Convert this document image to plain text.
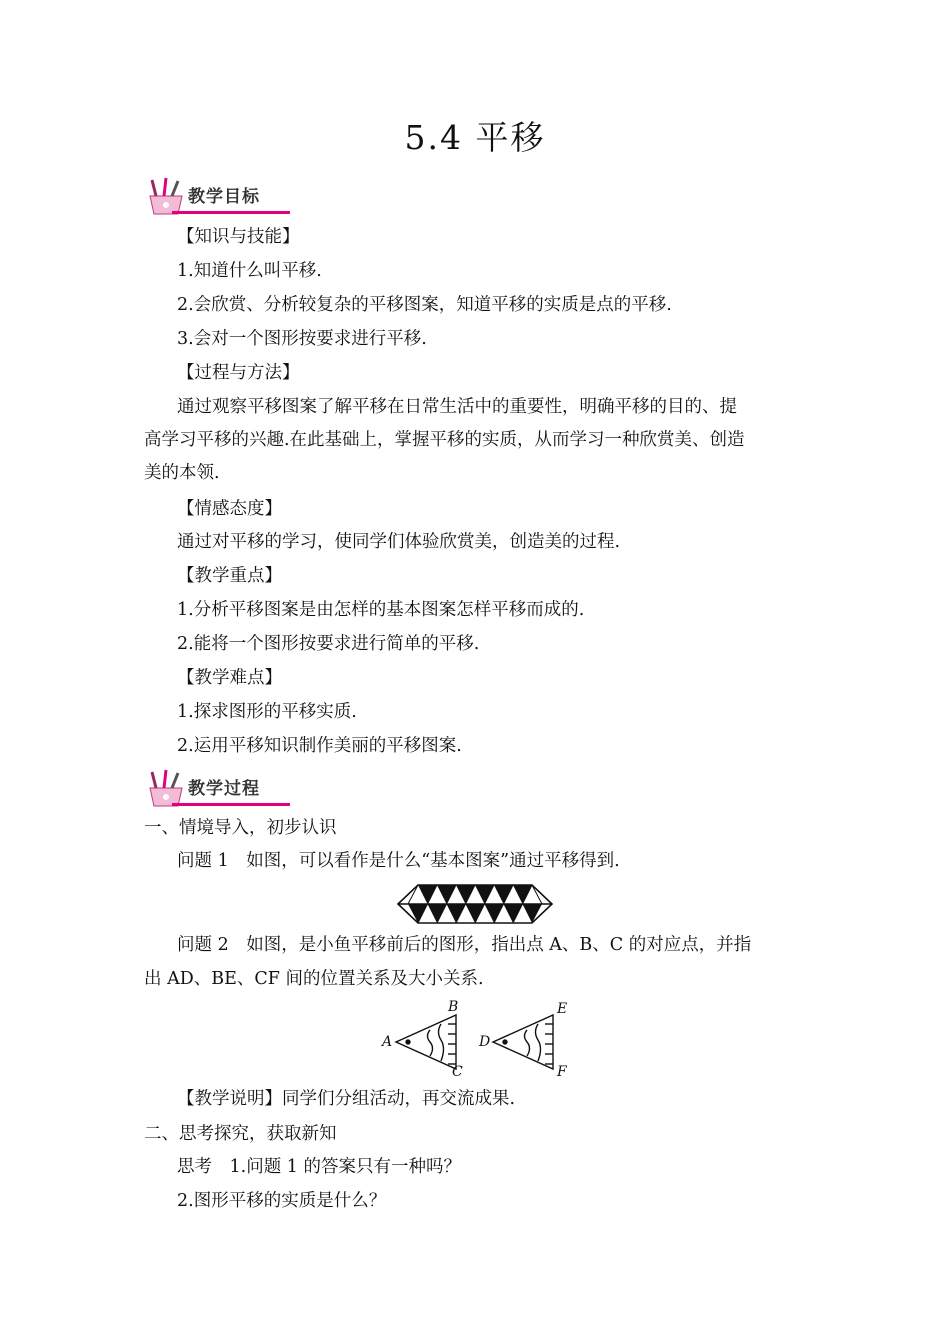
5.4 平移
教学目标
【知识与技能】
1.知道什么叫平移.
2.会欣赏、分析较复杂的平移图案，知道平移的实质是点的平移.
3.会对一个图形按要求进行平移.
【过程与方法】
通过观察平移图案了解平移在日常生活中的重要性，明确平移的目的、提
高学习平移的兴趣.在此基础上，掌握平移的实质，从而学习一种欣赏美、创造
美的本领.
【情感态度】
通过对平移的学习，使同学们体验欣赏美，创造美的过程.
【教学重点】
1.分析平移图案是由怎样的基本图案怎样平移而成的.
2.能将一个图形按要求进行简单的平移.
【教学难点】
1.探求图形的平移实质.
2.运用平移知识制作美丽的平移图案.
教学过程
一、情境导入，初步认识
问题 1　如图，可以看作是什么“基本图案”通过平移得到.
问题 2　如图，是小鱼平移前后的图形，指出点 A、B、C 的对应点，并指
出 AD、BE、CF 间的位置关系及大小关系.
A
B
C
D
E
F
【教学说明】同学们分组活动，再交流成果.
二、思考探究，获取新知
思考　1.问题 1 的答案只有一种吗？
2.图形平移的实质是什么？
